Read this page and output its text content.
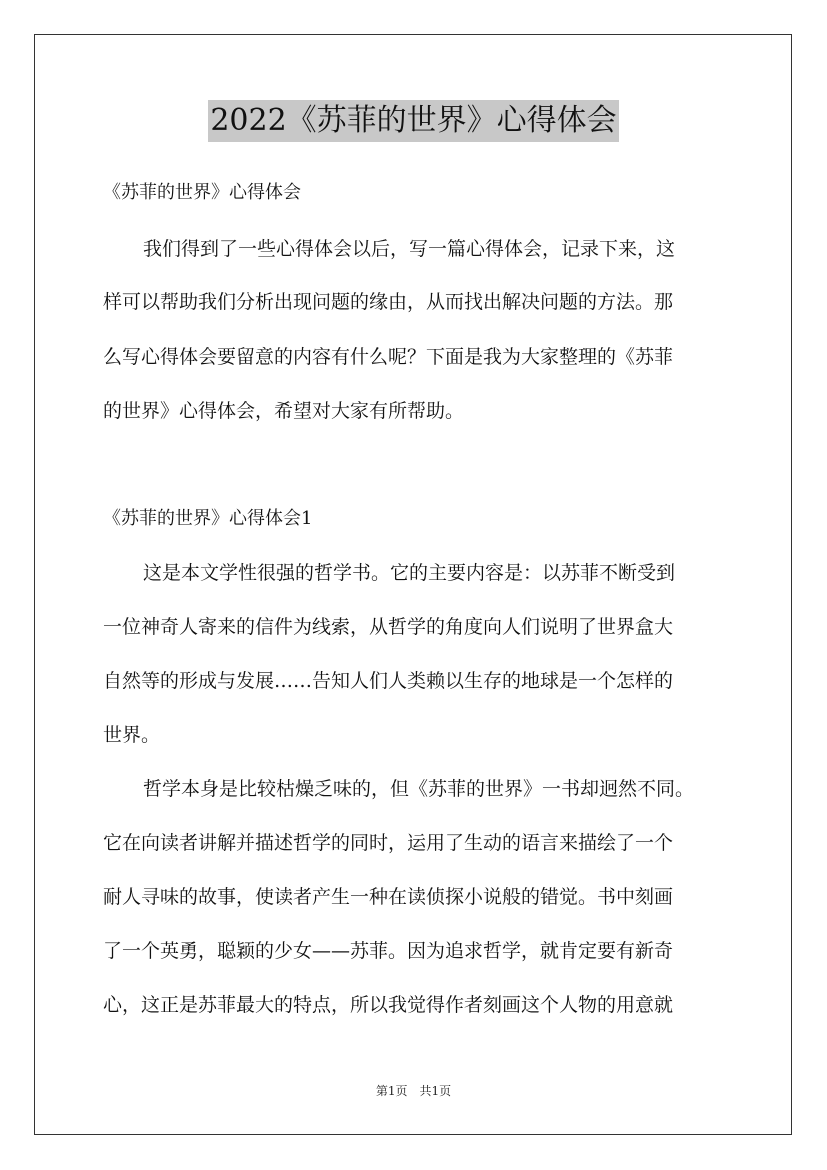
2022《苏菲的世界》心得体会
《苏菲的世界》心得体会
我们得到了一些心得体会以后，写一篇心得体会，记录下来，这
样可以帮助我们分析出现问题的缘由，从而找出解决问题的方法。那
么写心得体会要留意的内容有什么呢？下面是我为大家整理的《苏菲
的世界》心得体会，希望对大家有所帮助。
《苏菲的世界》心得体会1
这是本文学性很强的哲学书。它的主要内容是：以苏菲不断受到
一位神奇人寄来的信件为线索，从哲学的角度向人们说明了世界盒大
自然等的形成与发展……告知人们人类赖以生存的地球是一个怎样的
世界。
哲学本身是比较枯燥乏味的，但《苏菲的世界》一书却迥然不同。
它在向读者讲解并描述哲学的同时，运用了生动的语言来描绘了一个
耐人寻味的故事，使读者产生一种在读侦探小说般的错觉。书中刻画
了一个英勇，聪颖的少女——苏菲。因为追求哲学，就肯定要有新奇
心，这正是苏菲最大的特点，所以我觉得作者刻画这个人物的用意就
第1页　共1页
